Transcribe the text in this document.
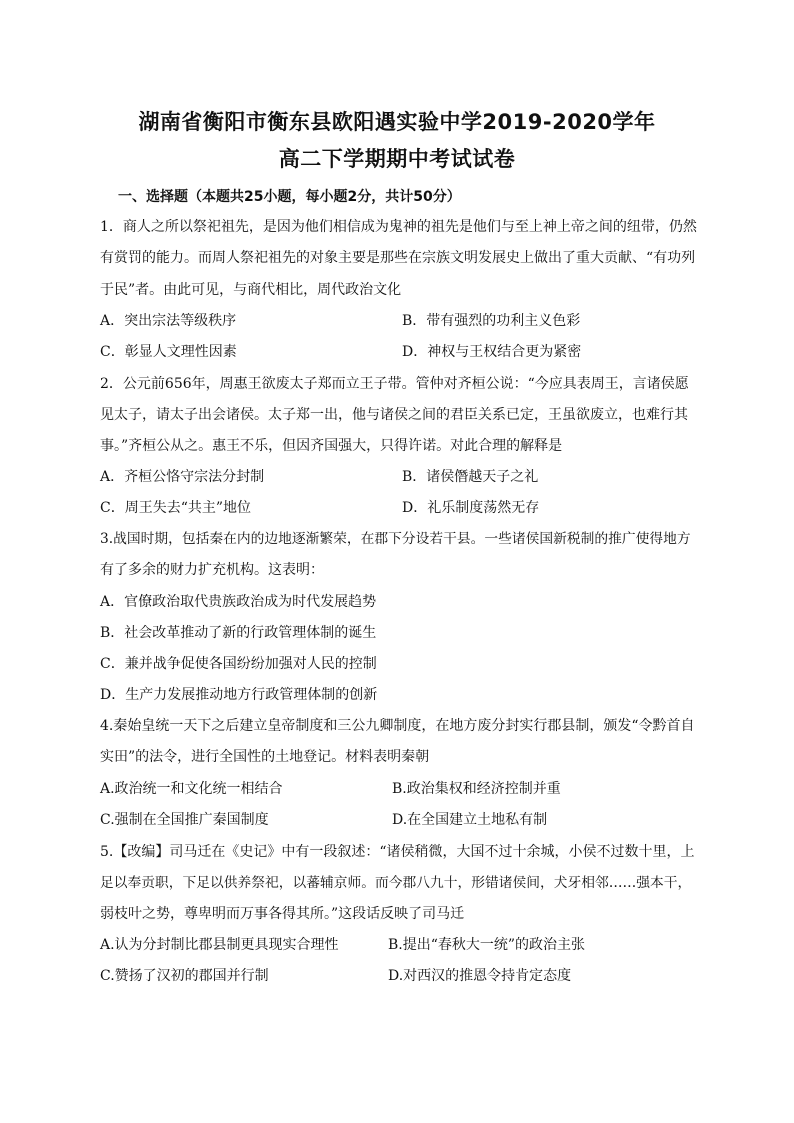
湖南省衡阳市衡东县欧阳遇实验中学2019-2020学年
高二下学期期中考试试卷
一、选择题（本题共25小题，每小题2分，共计50分）
1．商人之所以祭祀祖先，是因为他们相信成为鬼神的祖先是他们与至上神上帝之间的纽带，仍然
有赏罚的能力。而周人祭祀祖先的对象主要是那些在宗族文明发展史上做出了重大贡献、“有功列
于民”者。由此可见，与商代相比，周代政治文化
A．突出宗法等级秩序	B．带有强烈的功利主义色彩
C．彰显人文理性因素	D．神权与王权结合更为紧密
2．公元前656年，周惠王欲废太子郑而立王子带。管仲对齐桓公说：“今应具表周王，言诸侯愿
见太子，请太子出会诸侯。太子郑一出，他与诸侯之间的君臣关系已定，王虽欲废立，也难行其
事。”齐桓公从之。惠王不乐，但因齐国强大，只得许诺。对此合理的解释是
A．齐桓公恪守宗法分封制	B．诸侯僭越天子之礼
C．周王失去“共主”地位	D．礼乐制度荡然无存
3.战国时期，包括秦在内的边地逐渐繁荣，在郡下分设若干县。一些诸侯国新税制的推广使得地方
有了多余的财力扩充机构。这表明：
A．官僚政治取代贵族政治成为时代发展趋势
B．社会改革推动了新的行政管理体制的诞生
C．兼并战争促使各国纷纷加强对人民的控制
D．生产力发展推动地方行政管理体制的创新
4.秦始皇统一天下之后建立皇帝制度和三公九卿制度，在地方废分封实行郡县制，颁发“令黔首自
实田”的法令，进行全国性的土地登记。材料表明秦朝
A.政治统一和文化统一相结合	B.政治集权和经济控制并重
C.强制在全国推广秦国制度	D.在全国建立土地私有制
5.【改编】司马迁在《史记》中有一段叙述：“诸侯稍微，大国不过十余城，小侯不过数十里，上
足以奉贡职，下足以供养祭祀，以蕃辅京师。而今郡八九十，形错诸侯间，犬牙相邻……强本干，
弱枝叶之势，尊卑明而万事各得其所。”这段话反映了司马迁
A.认为分封制比郡县制更具现实合理性	B.提出“春秋大一统”的政治主张
C.赞扬了汉初的郡国并行制	D.对西汉的推恩令持肯定态度
